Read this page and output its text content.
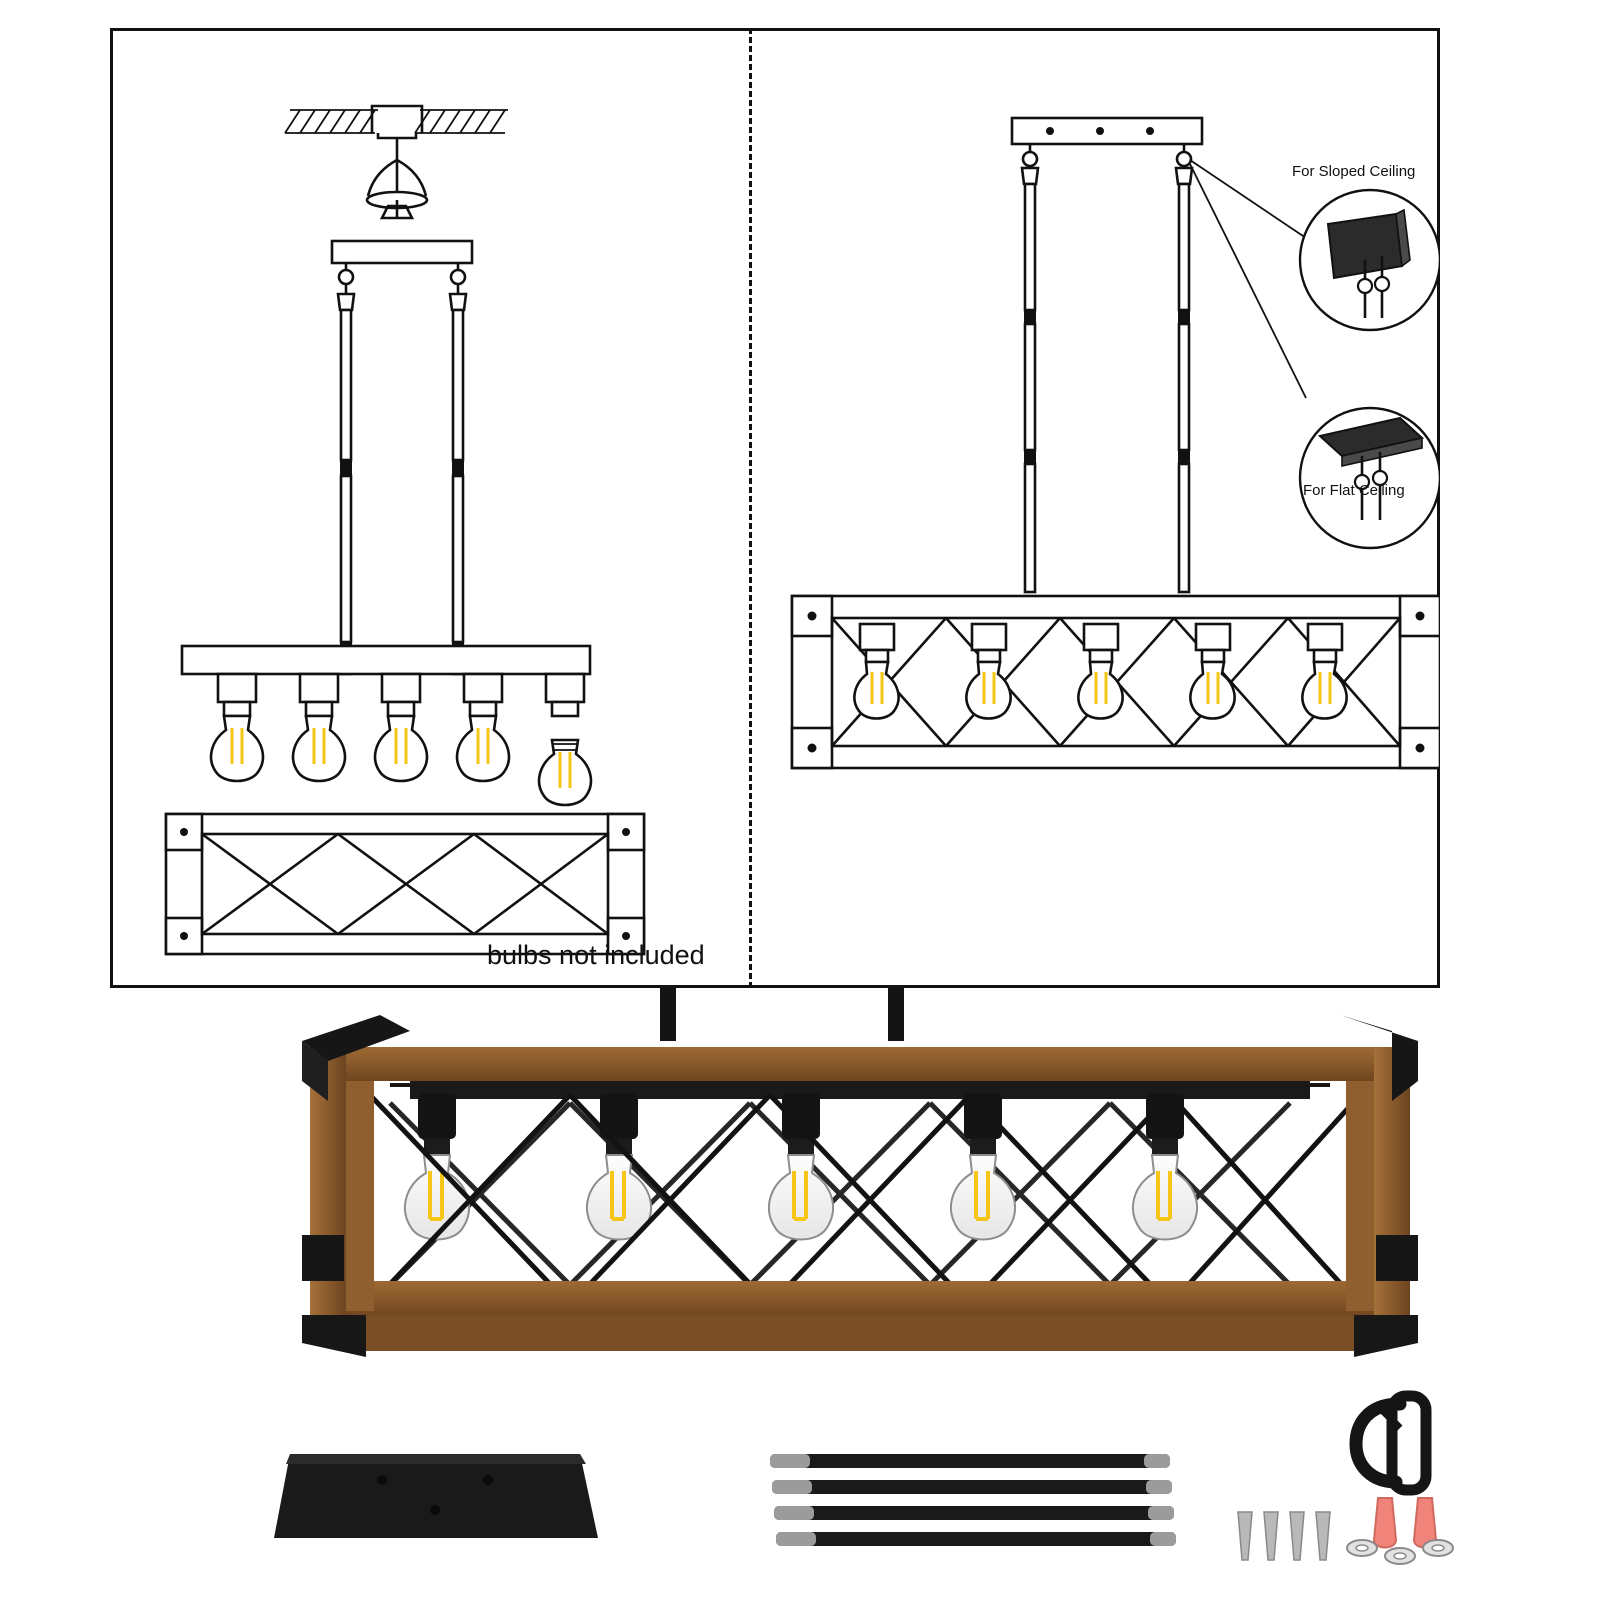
For Sloped Ceiling
For Flat Ceiling
bulbs not included
